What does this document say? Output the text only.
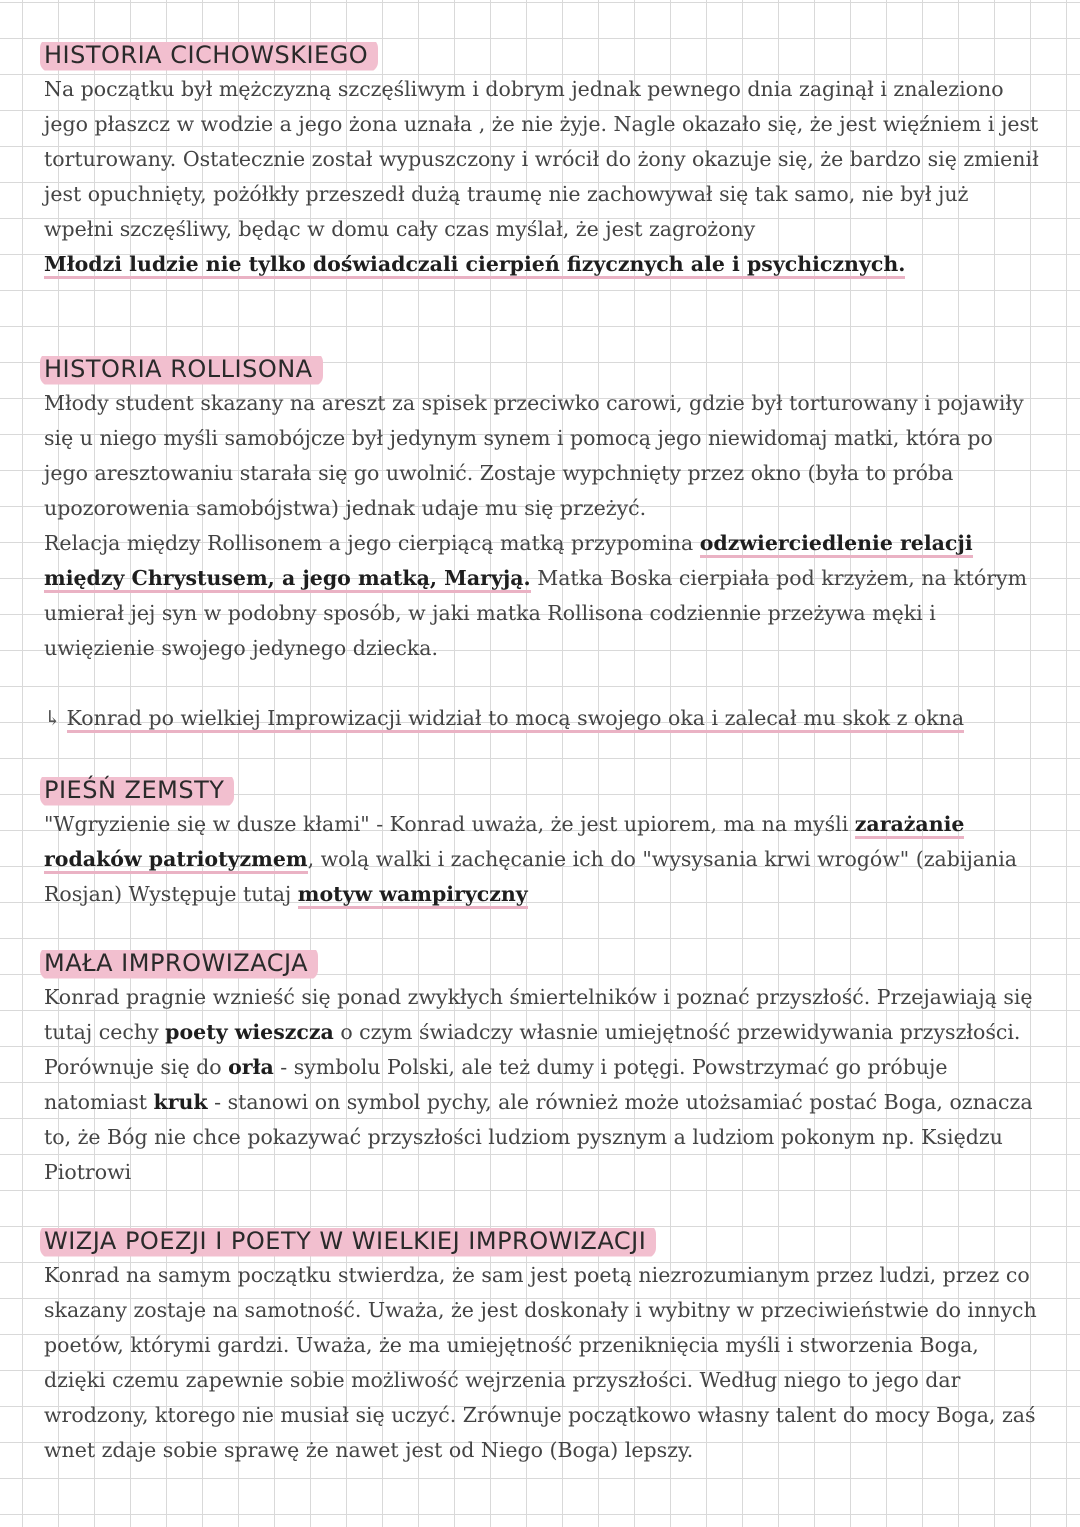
HISTORIA CICHOWSKIEGO

Na początku był mężczyzną szczęśliwym i dobrym jednak pewnego dnia zaginął i znaleziono jego płaszcz w wodzie a jego żona uznała , że nie żyje. Nagle okazało się, że jest więźniem i jest torturowany. Ostatecznie został wypuszczony i wrócił do żony okazuje się, że bardzo się zmienił jest opuchnięty, pożółkły przeszedł dużą traumę nie zachowywał się tak samo, nie był już wpełni szczęśliwy, będąc w domu cały czas myślał, że jest zagrożony
Młodzi ludzie nie tylko doświadczali cierpień fizycznych ale i psychicznych.

HISTORIA ROLLISONA

Młody student skazany na areszt za spisek przeciwko carowi, gdzie był torturowany i pojawiły się u niego myśli samobójcze był jedynym synem i pomocą jego niewidomaj matki, która po jego aresztowaniu starała się go uwolnić. Zostaje wypchnięty przez okno (była to próba upozorowenia samobójstwa) jednak udaje mu się przeżyć.
Relacja między Rollisonem a jego cierpiącą matką przypomina odzwierciedlenie relacji między Chrystusem, a jego matką, Maryją. Matka Boska cierpiała pod krzyżem, na którym umierał jej syn w podobny sposób, w jaki matka Rollisona codziennie przeżywa męki i uwięzienie swojego jedynego dziecka.

↳ Konrad po wielkiej Improwizacji widział to mocą swojego oka i zalecał mu skok z okna

PIEŚŃ ZEMSTY

"Wgryzienie się w dusze kłami" - Konrad uważa, że jest upiorem, ma na myśli zarażanie rodaków patriotyzmem, wolą walki i zachęcanie ich do "wysysania krwi wrogów" (zabijania Rosjan) Występuje tutaj motyw wampiryczny

MAŁA IMPROWIZACJA

Konrad pragnie wznieść się ponad zwykłych śmiertelników i poznać przyszłość. Przejawiają się tutaj cechy poety wieszcza o czym świadczy własnie umiejętność przewidywania przyszłości. Porównuje się do orła - symbolu Polski, ale też dumy i potęgi. Powstrzymać go próbuje natomiast kruk - stanowi on symbol pychy, ale również może utożsamiać postać Boga, oznacza to, że Bóg nie chce pokazywać przyszłości ludziom pysznym a ludziom pokonym np. Księdzu Piotrowi

WIZJA POEZJI I POETY W WIELKIEJ IMPROWIZACJI

Konrad na samym początku stwierdza, że sam jest poetą niezrozumianym przez ludzi, przez co skazany zostaje na samotność. Uważa, że jest doskonały i wybitny w przeciwieństwie do innych poetów, którymi gardzi. Uważa, że ma umiejętność przeniknięcia myśli i stworzenia Boga, dzięki czemu zapewnie sobie możliwość wejrzenia przyszłości. Według niego to jego dar wrodzony, ktorego nie musiał się uczyć. Zrównuje początkowo własny talent do mocy Boga, zaś wnet zdaje sobie sprawę że nawet jest od Niego (Boga) lepszy.
